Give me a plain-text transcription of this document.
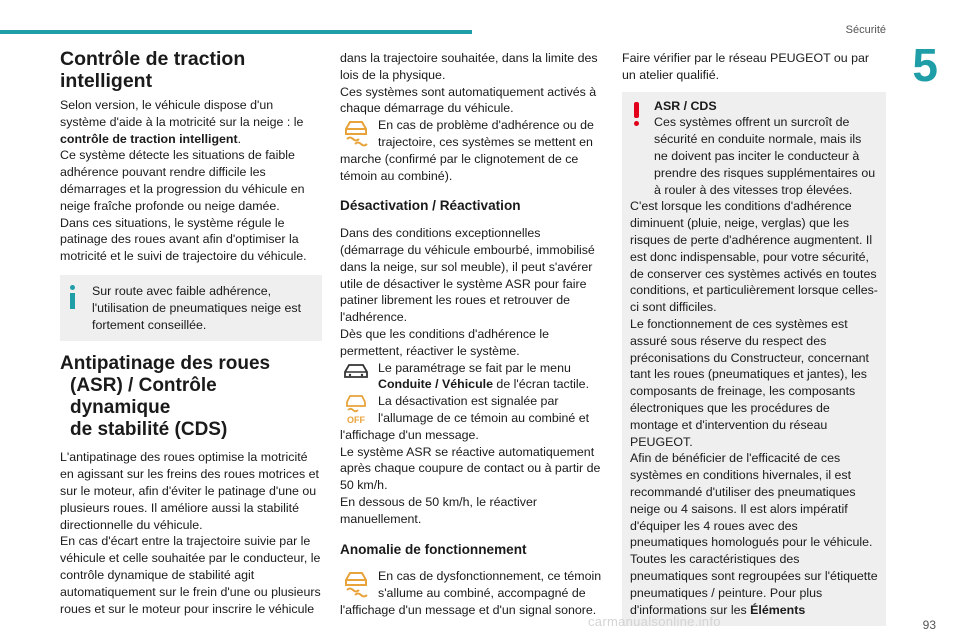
Sécurité
5
Contrôle de traction intelligent

Selon version, le véhicule dispose d'un système d'aide à la motricité sur la neige : le contrôle de traction intelligent.

Ce système détecte les situations de faible adhérence pouvant rendre difficile les démarrages et la progression du véhicule en neige fraîche profonde ou neige damée.

Dans ces situations, le système régule le patinage des roues avant afin d'optimiser la motricité et le suivi de trajectoire du véhicule.

Sur route avec faible adhérence, l'utilisation de pneumatiques neige est fortement conseillée.

Antipatinage des roues
(ASR) / Contrôle dynamique
de stabilité (CDS)

L'antipatinage des roues optimise la motricité en agissant sur les freins des roues motrices et sur le moteur, afin d'éviter le patinage d'une ou plusieurs roues. Il améliore aussi la stabilité directionnelle du véhicule.

En cas d'écart entre la trajectoire suivie par le véhicule et celle souhaitée par le conducteur, le contrôle dynamique de stabilité agit automatiquement sur le frein d'une ou plusieurs roues et sur le moteur pour inscrire le véhicule

dans la trajectoire souhaitée, dans la limite des lois de la physique.

Ces systèmes sont automatiquement activés à chaque démarrage du véhicule.

En cas de problème d'adhérence ou de trajectoire, ces systèmes se mettent en marche (confirmé par le clignotement de ce témoin au combiné).

Désactivation / Réactivation

Dans des conditions exceptionnelles (démarrage du véhicule embourbé, immobilisé dans la neige, sur sol meuble), il peut s'avérer utile de désactiver le système ASR pour faire patiner librement les roues et retrouver de l'adhérence.

Dès que les conditions d'adhérence le permettent, réactiver le système.

Le paramétrage se fait par le menu Conduite / Véhicule de l'écran tactile.

OFF

La désactivation est signalée par l'allumage de ce témoin au combiné et l'affichage d'un message.

Le système ASR se réactive automatiquement après chaque coupure de contact ou à partir de 50 km/h.

En dessous de 50 km/h, le réactiver manuellement.

Anomalie de fonctionnement

En cas de dysfonctionnement, ce témoin s'allume au combiné, accompagné de l'affichage d'un message et d'un signal sonore.

Faire vérifier par le réseau PEUGEOT ou par un atelier qualifié.

ASR / CDS

Ces systèmes offrent un surcroît de sécurité en conduite normale, mais ils ne doivent pas inciter le conducteur à prendre des risques supplémentaires ou à rouler à des vitesses trop élevées.

C'est lorsque les conditions d'adhérence diminuent (pluie, neige, verglas) que les risques de perte d'adhérence augmentent. Il est donc indispensable, pour votre sécurité, de conserver ces systèmes activés en toutes conditions, et particulièrement lorsque celles-ci sont difficiles.

Le fonctionnement de ces systèmes est assuré sous réserve du respect des préconisations du Constructeur, concernant tant les roues (pneumatiques et jantes), les composants de freinage, les composants électroniques que les procédures de montage et d'intervention du réseau PEUGEOT.

Afin de bénéficier de l'efficacité de ces systèmes en conditions hivernales, il est recommandé d'utiliser des pneumatiques neige ou 4 saisons. Il est alors impératif d'équiper les 4 roues avec des pneumatiques homologués pour le véhicule.

Toutes les caractéristiques des pneumatiques sont regroupées sur l'étiquette pneumatiques / peinture. Pour plus d'informations sur les Éléments

carmanualsonline.info	93
